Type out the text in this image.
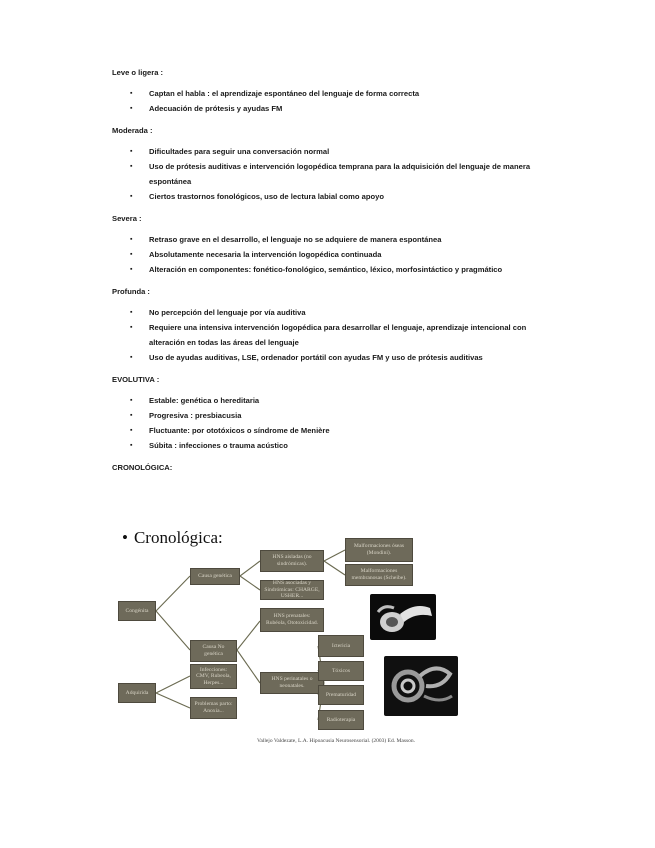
Leve o ligera :

▪ Captan el habla : el aprendizaje espontáneo del lenguaje de forma correcta
▪ Adecuación de prótesis y ayudas FM

Moderada :

▪ Dificultades para seguir una conversación normal
▪ Uso de prótesis auditivas e intervención logopédica temprana para la adquisición del lenguaje de manera espontánea
▪ Ciertos trastornos fonológicos, uso de lectura labial como apoyo

Severa :

▪ Retraso grave en el desarrollo, el lenguaje no se adquiere de manera espontánea
▪ Absolutamente necesaria la intervención logopédica continuada
▪ Alteración en componentes: fonético-fonológico, semántico, léxico, morfosintáctico y pragmático

Profunda :

▪ No percepción del lenguaje por vía auditiva
▪ Requiere una intensiva intervención logopédica para desarrollar el lenguaje, aprendizaje intencional con alteración en todas las áreas del lenguaje
▪ Uso de ayudas auditivas, LSE, ordenador portátil con ayudas FM y uso de prótesis auditivas

EVOLUTIVA :

▪ Estable: genética o hereditaria
▪ Progresiva : presbiacusia
▪ Fluctuante: por ototóxicos o síndrome de Menière
▪ Súbita : infecciones o trauma acústico

CRONOLÓGICA:

• Cronológica:
Congénita
Adquirida
Causa genética
Causa No genética
HNS aisladas (no sindrómicas).
HNS asociadas y Sindrómicas: CHARGE, USHER...
Malformaciones óseas (Mondini).
Malformaciones membranosas (Scheibe).
HNS prenatales: Rubéola, Ototoxicidad.
HNS perinatales o neonatales.
Infecciones: CMV, Rubeola, Herpes...
Problemas parto: Anoxia...
Ictericia
Tóxicos
Prematuridad
Radioterapia
Vallejo Valdezate, L.A. Hipoacusia Neurosensorial. (2003) Ed. Masson.
